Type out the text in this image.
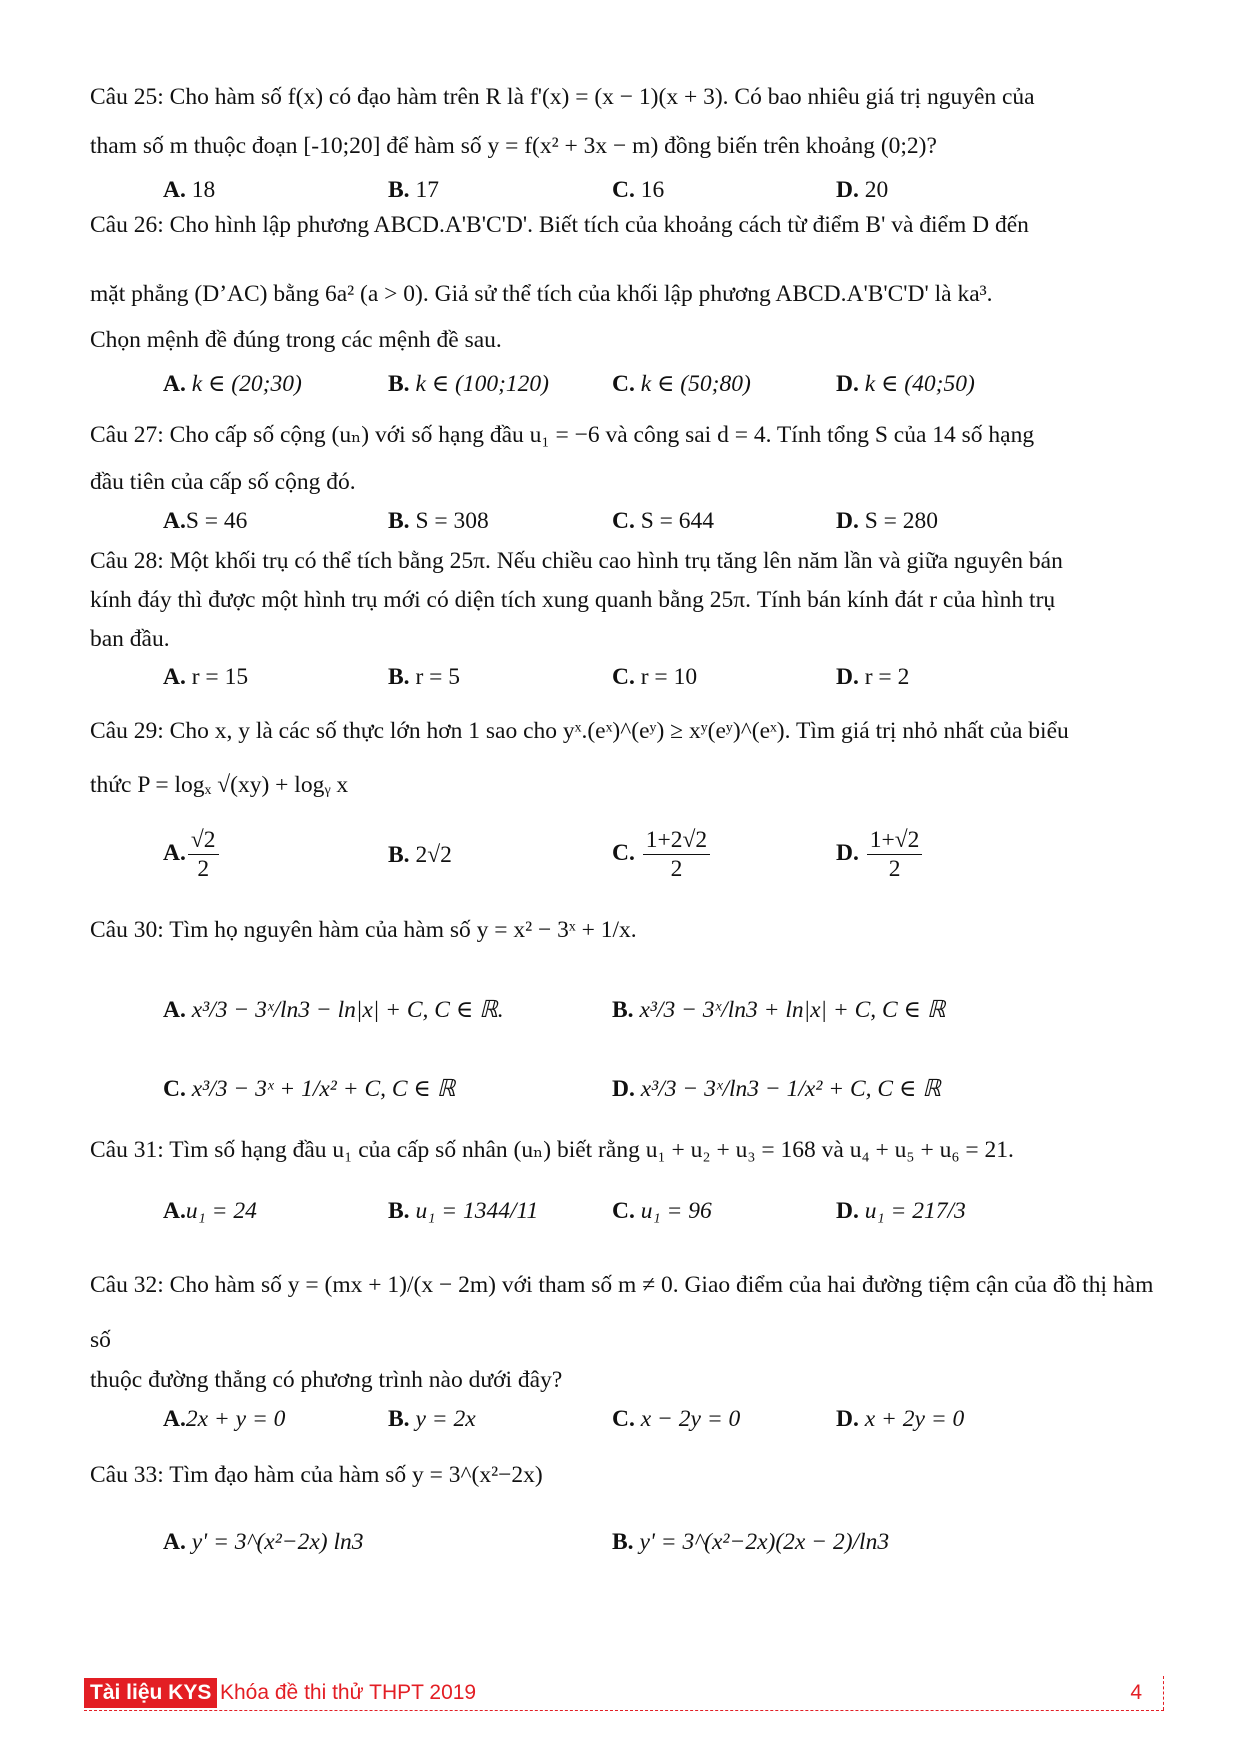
Câu 25: Cho hàm số f(x) có đạo hàm trên R là f'(x) = (x − 1)(x + 3). Có bao nhiêu giá trị nguyên của
tham số m thuộc đoạn [-10;20] để hàm số y = f(x² + 3x − m) đồng biến trên khoảng (0;2)?
A. 18	B. 17	C. 16	D. 20
Câu 26: Cho hình lập phương ABCD.A'B'C'D'. Biết tích của khoảng cách từ điểm B' và điểm D đến
mặt phẳng (D’AC) bằng 6a² (a > 0). Giả sử thể tích của khối lập phương ABCD.A'B'C'D' là ka³.
Chọn mệnh đề đúng trong các mệnh đề sau.
A. k ∈ (20;30)	B. k ∈ (100;120)	C. k ∈ (50;80)	D. k ∈ (40;50)
Câu 27: Cho cấp số cộng (uₙ) với số hạng đầu u₁ = −6 và công sai d = 4. Tính tổng S của 14 số hạng
đầu tiên của cấp số cộng đó.
A.S = 46	B. S = 308	C. S = 644	D. S = 280
Câu 28: Một khối trụ có thể tích bằng 25π. Nếu chiều cao hình trụ tăng lên năm lần và giữa nguyên bán
kính đáy thì được một hình trụ mới có diện tích xung quanh bằng 25π. Tính bán kính đát r của hình trụ
ban đầu.
A. r = 15	B. r = 5	C. r = 10	D. r = 2
Câu 29: Cho x, y là các số thực lớn hơn 1 sao cho yˣ.(eˣ)^(eʸ) ≥ xʸ(eʸ)^(eˣ). Tìm giá trị nhỏ nhất của biểu
thức P = logₓ √(xy) + logᵧ x
A. $\frac{√2}{2}$	B. 2√2	C. $\frac{1+2√2}{2}$	D. $\frac{1+√2}{2}$
Câu 30: Tìm họ nguyên hàm của hàm số y = x² − 3ˣ + 1/x.
A. x³/3 − 3ˣ/ln3 − ln|x| + C, C ∈ ℝ.	B. x³/3 − 3ˣ/ln3 + ln|x| + C, C ∈ ℝ
C. x³/3 − 3ˣ + 1/x² + C, C ∈ ℝ	D. x³/3 − 3ˣ/ln3 − 1/x² + C, C ∈ ℝ
Câu 31: Tìm số hạng đầu u₁ của cấp số nhân (uₙ) biết rằng u₁ + u₂ + u₃ = 168 và u₄ + u₅ + u₆ = 21.
A.u₁ = 24	B. u₁ = 1344/11	C. u₁ = 96	D. u₁ = 217/3
Câu 32: Cho hàm số y = (mx + 1)/(x − 2m) với tham số m ≠ 0. Giao điểm của hai đường tiệm cận của đồ thị hàm
số
thuộc đường thẳng có phương trình nào dưới đây?
A.2x + y = 0	B. y = 2x	C. x − 2y = 0	D. x + 2y = 0
Câu 33: Tìm đạo hàm của hàm số y = 3^(x²−2x)
A. y' = 3^(x²−2x) ln3	B. y' = 3^(x²−2x)(2x − 2)/ln3
Tài liệu KYS Khóa đề thi thử THPT 2019	4
